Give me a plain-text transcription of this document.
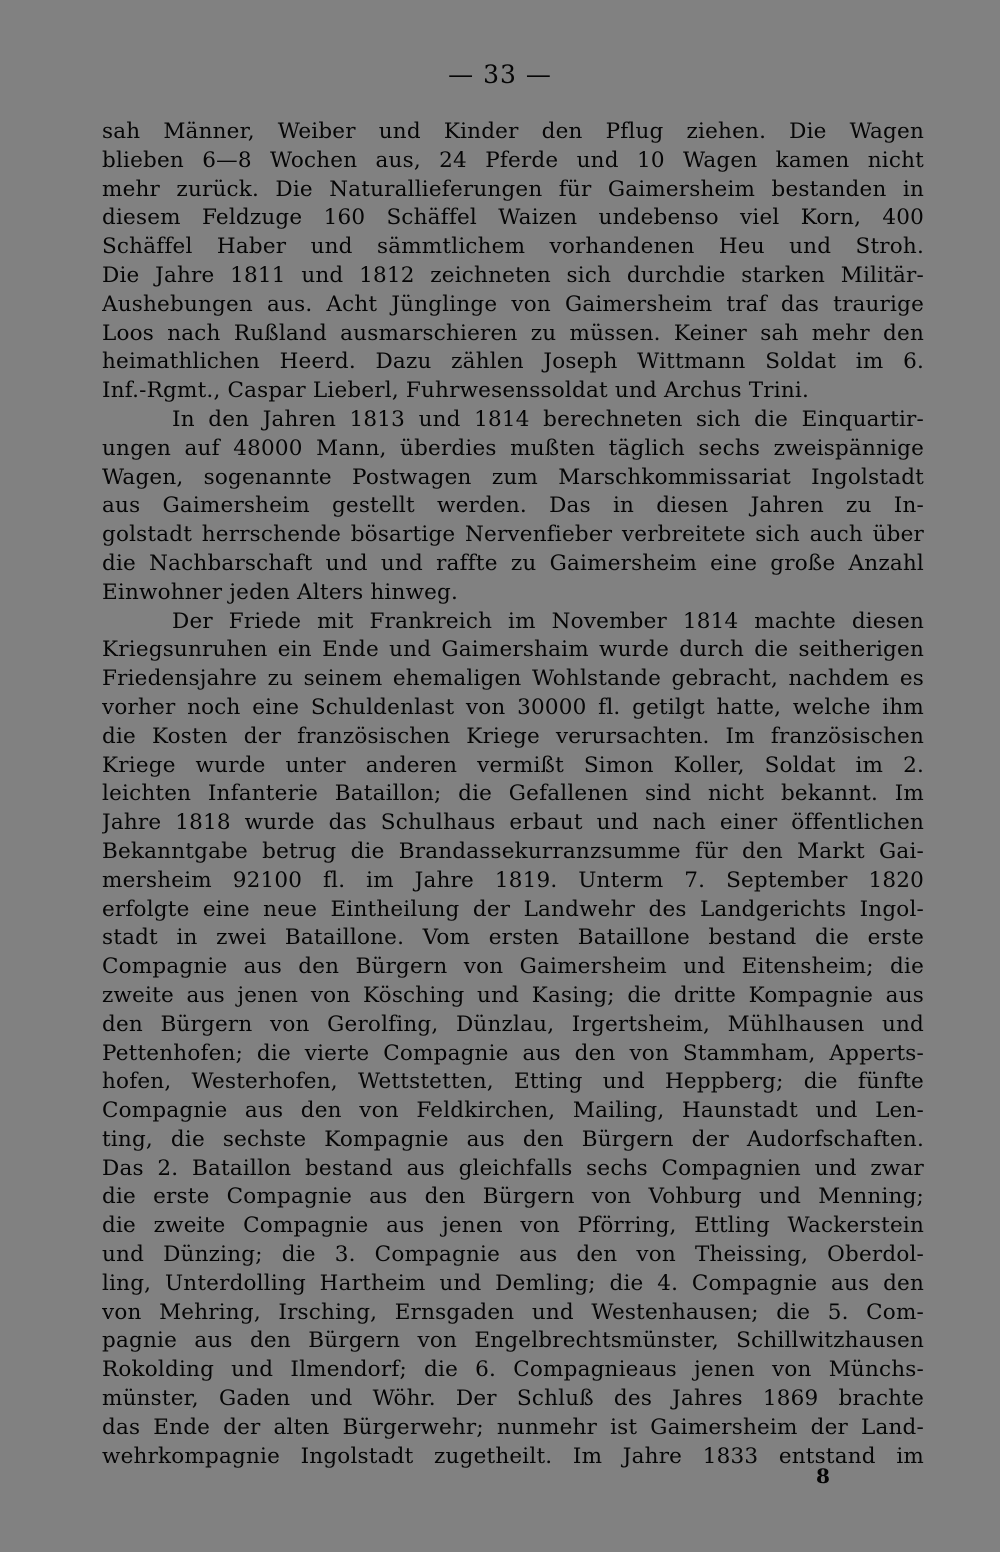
— 33 —
sah Männer, Weiber und Kinder den Pflug ziehen. Die Wagen
blieben 6—8 Wochen aus, 24 Pferde und 10 Wagen kamen nicht
mehr zurück. Die Naturallieferungen für Gaimersheim bestanden in
diesem Feldzuge 160 Schäffel Waizen undebenso viel Korn, 400
Schäffel Haber und sämmtlichem vorhandenen Heu und Stroh.
Die Jahre 1811 und 1812 zeichneten sich durchdie starken Militär-
Aushebungen aus. Acht Jünglinge von Gaimersheim traf das traurige
Loos nach Rußland ausmarschieren zu müssen. Keiner sah mehr den
heimathlichen Heerd. Dazu zählen Joseph Wittmann Soldat im 6.
Inf.-Rgmt., Caspar Lieberl, Fuhrwesenssoldat und Archus Trini.
In den Jahren 1813 und 1814 berechneten sich die Einquartir-
ungen auf 48000 Mann, überdies mußten täglich sechs zweispännige
Wagen, sogenannte Postwagen zum Marschkommissariat Ingolstadt
aus Gaimersheim gestellt werden. Das in diesen Jahren zu In-
golstadt herrschende bösartige Nervenfieber verbreitete sich auch über
die Nachbarschaft und und raffte zu Gaimersheim eine große Anzahl
Einwohner jeden Alters hinweg.
Der Friede mit Frankreich im November 1814 machte diesen
Kriegsunruhen ein Ende und Gaimershaim wurde durch die seitherigen
Friedensjahre zu seinem ehemaligen Wohlstande gebracht, nachdem es
vorher noch eine Schuldenlast von 30000 fl. getilgt hatte, welche ihm
die Kosten der französischen Kriege verursachten. Im französischen
Kriege wurde unter anderen vermißt Simon Koller, Soldat im 2.
leichten Infanterie Bataillon; die Gefallenen sind nicht bekannt. Im
Jahre 1818 wurde das Schulhaus erbaut und nach einer öffentlichen
Bekanntgabe betrug die Brandassekurranzsumme für den Markt Gai-
mersheim 92100 fl. im Jahre 1819. Unterm 7. September 1820
erfolgte eine neue Eintheilung der Landwehr des Landgerichts Ingol-
stadt in zwei Bataillone. Vom ersten Bataillone bestand die erste
Compagnie aus den Bürgern von Gaimersheim und Eitensheim; die
zweite aus jenen von Kösching und Kasing; die dritte Kompagnie aus
den Bürgern von Gerolfing, Dünzlau, Irgertsheim, Mühlhausen und
Pettenhofen; die vierte Compagnie aus den von Stammham, Apperts-
hofen, Westerhofen, Wettstetten, Etting und Heppberg; die fünfte
Compagnie aus den von Feldkirchen, Mailing, Haunstadt und Len-
ting, die sechste Kompagnie aus den Bürgern der Audorfschaften.
Das 2. Bataillon bestand aus gleichfalls sechs Compagnien und zwar
die erste Compagnie aus den Bürgern von Vohburg und Menning;
die zweite Compagnie aus jenen von Pförring, Ettling Wackerstein
und Dünzing; die 3. Compagnie aus den von Theissing, Oberdol-
ling, Unterdolling Hartheim und Demling; die 4. Compagnie aus den
von Mehring, Irsching, Ernsgaden und Westenhausen; die 5. Com-
pagnie aus den Bürgern von Engelbrechtsmünster, Schillwitzhausen
Rokolding und Ilmendorf; die 6. Compagnieaus jenen von Münchs-
münster, Gaden und Wöhr. Der Schluß des Jahres 1869 brachte
das Ende der alten Bürgerwehr; nunmehr ist Gaimersheim der Land-
wehrkompagnie Ingolstadt zugetheilt. Im Jahre 1833 entstand im
8
